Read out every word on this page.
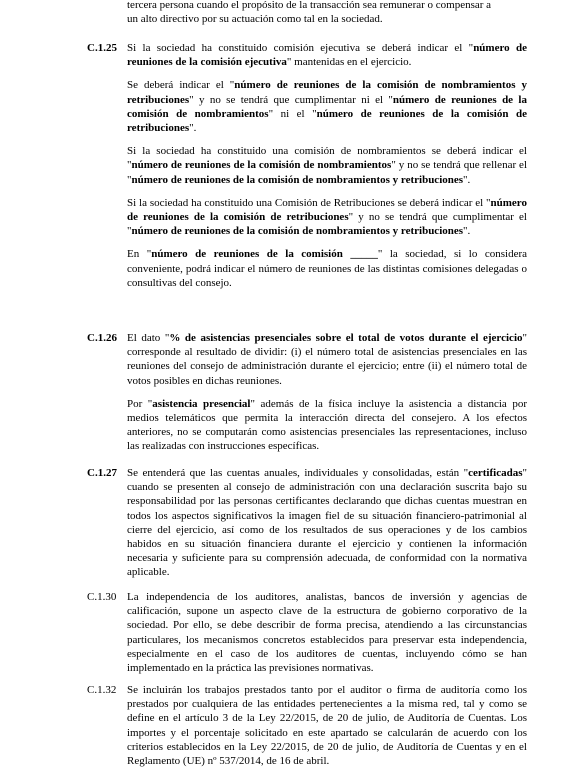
tercera persona cuando el propósito de la transacción sea remunerar o compensar a
un alto directivo por su actuación como tal en la sociedad.
C.1.25 Si la sociedad ha constituido comisión ejecutiva se deberá indicar el "número de reuniones de la comisión ejecutiva" mantenidas en el ejercicio.
Se deberá indicar el "número de reuniones de la comisión de nombramientos y retribuciones" y no se tendrá que cumplimentar ni el "número de reuniones de la comisión de nombramientos" ni el "número de reuniones de la comisión de retribuciones".
Si la sociedad ha constituido una comisión de nombramientos se deberá indicar el "número de reuniones de la comisión de nombramientos" y no se tendrá que rellenar el "número de reuniones de la comisión de nombramientos y retribuciones".
Si la sociedad ha constituido una Comisión de Retribuciones se deberá indicar el "número de reuniones de la comisión de retribuciones" y no se tendrá que cumplimentar el "número de reuniones de la comisión de nombramientos y retribuciones".
En "número de reuniones de la comisión _____" la sociedad, si lo considera conveniente, podrá indicar el número de reuniones de las distintas comisiones delegadas o consultivas del consejo.
C.1.26 El dato "% de asistencias presenciales sobre el total de votos durante el ejercicio" corresponde al resultado de dividir: (i) el número total de asistencias presenciales en las reuniones del consejo de administración durante el ejercicio; entre (ii) el número total de votos posibles en dichas reuniones.
Por "asistencia presencial" además de la física incluye la asistencia a distancia por medios telemáticos que permita la interacción directa del consejero. A los efectos anteriores, no se computarán como asistencias presenciales las representaciones, incluso las realizadas con instrucciones específicas.
C.1.27 Se entenderá que las cuentas anuales, individuales y consolidadas, están "certificadas" cuando se presenten al consejo de administración con una declaración suscrita bajo su responsabilidad por las personas certificantes declarando que dichas cuentas muestran en todos los aspectos significativos la imagen fiel de su situación financiero-patrimonial al cierre del ejercicio, así como de los resultados de sus operaciones y de los cambios habidos en su situación financiera durante el ejercicio y contienen la información necesaria y suficiente para su comprensión adecuada, de conformidad con la normativa aplicable.
C.1.30 La independencia de los auditores, analistas, bancos de inversión y agencias de calificación, supone un aspecto clave de la estructura de gobierno corporativo de la sociedad. Por ello, se debe describir de forma precisa, atendiendo a las circunstancias particulares, los mecanismos concretos establecidos para preservar esta independencia, especialmente en el caso de los auditores de cuentas, incluyendo cómo se han implementado en la práctica las previsiones normativas.
C.1.32 Se incluirán los trabajos prestados tanto por el auditor o firma de auditoría como los prestados por cualquiera de las entidades pertenecientes a la misma red, tal y como se define en el artículo 3 de la Ley 22/2015, de 20 de julio, de Auditoría de Cuentas. Los importes y el porcentaje solicitado en este apartado se calcularán de acuerdo con los criterios establecidos en la Ley 22/2015, de 20 de julio, de Auditoría de Cuentas y en el Reglamento (UE) nº 537/2014, de 16 de abril.
